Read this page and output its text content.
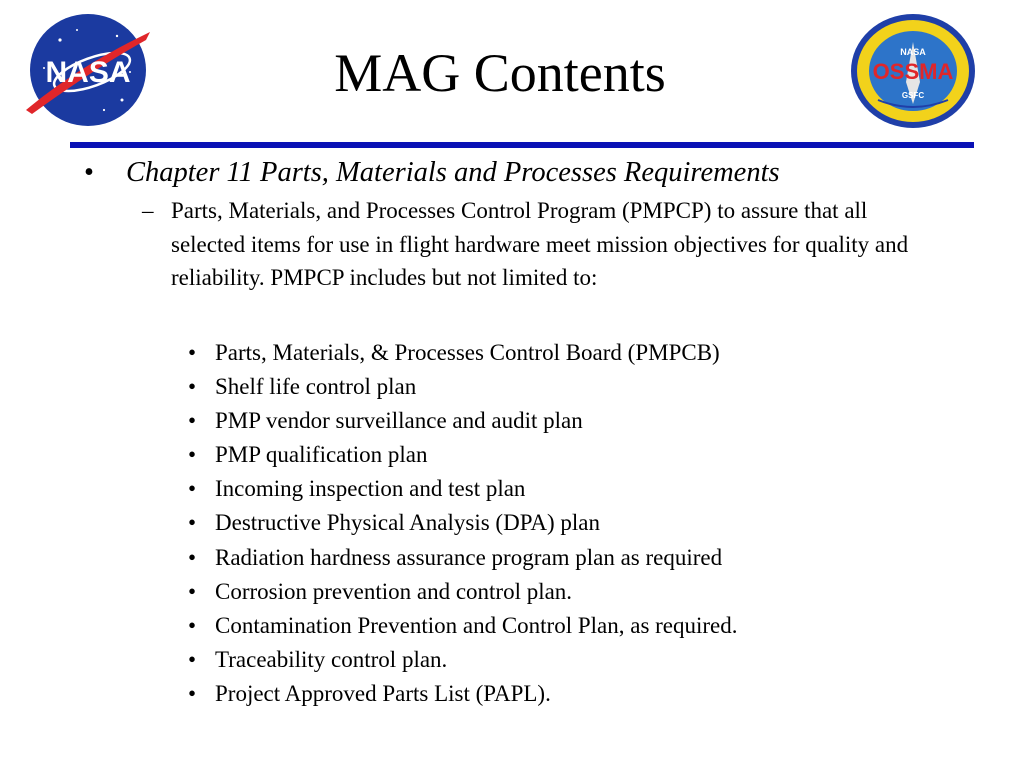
NASA	MAG Contents	NASA
OSSMA
GSFC
• Chapter 11 Parts, Materials and Processes Requirements
– Parts, Materials, and Processes Control Program (PMPCP) to assure that all selected items for use in flight hardware meet mission objectives for quality and reliability. PMPCP includes but not limited to:
• Parts, Materials, & Processes Control Board (PMPCB)
• Shelf life control plan
• PMP vendor surveillance and audit plan
• PMP qualification plan
• Incoming inspection and test plan
• Destructive Physical Analysis (DPA) plan
• Radiation hardness assurance program plan as required
• Corrosion prevention and control plan.
• Contamination Prevention and Control Plan, as required.
• Traceability control plan.
• Project Approved Parts List (PAPL).
